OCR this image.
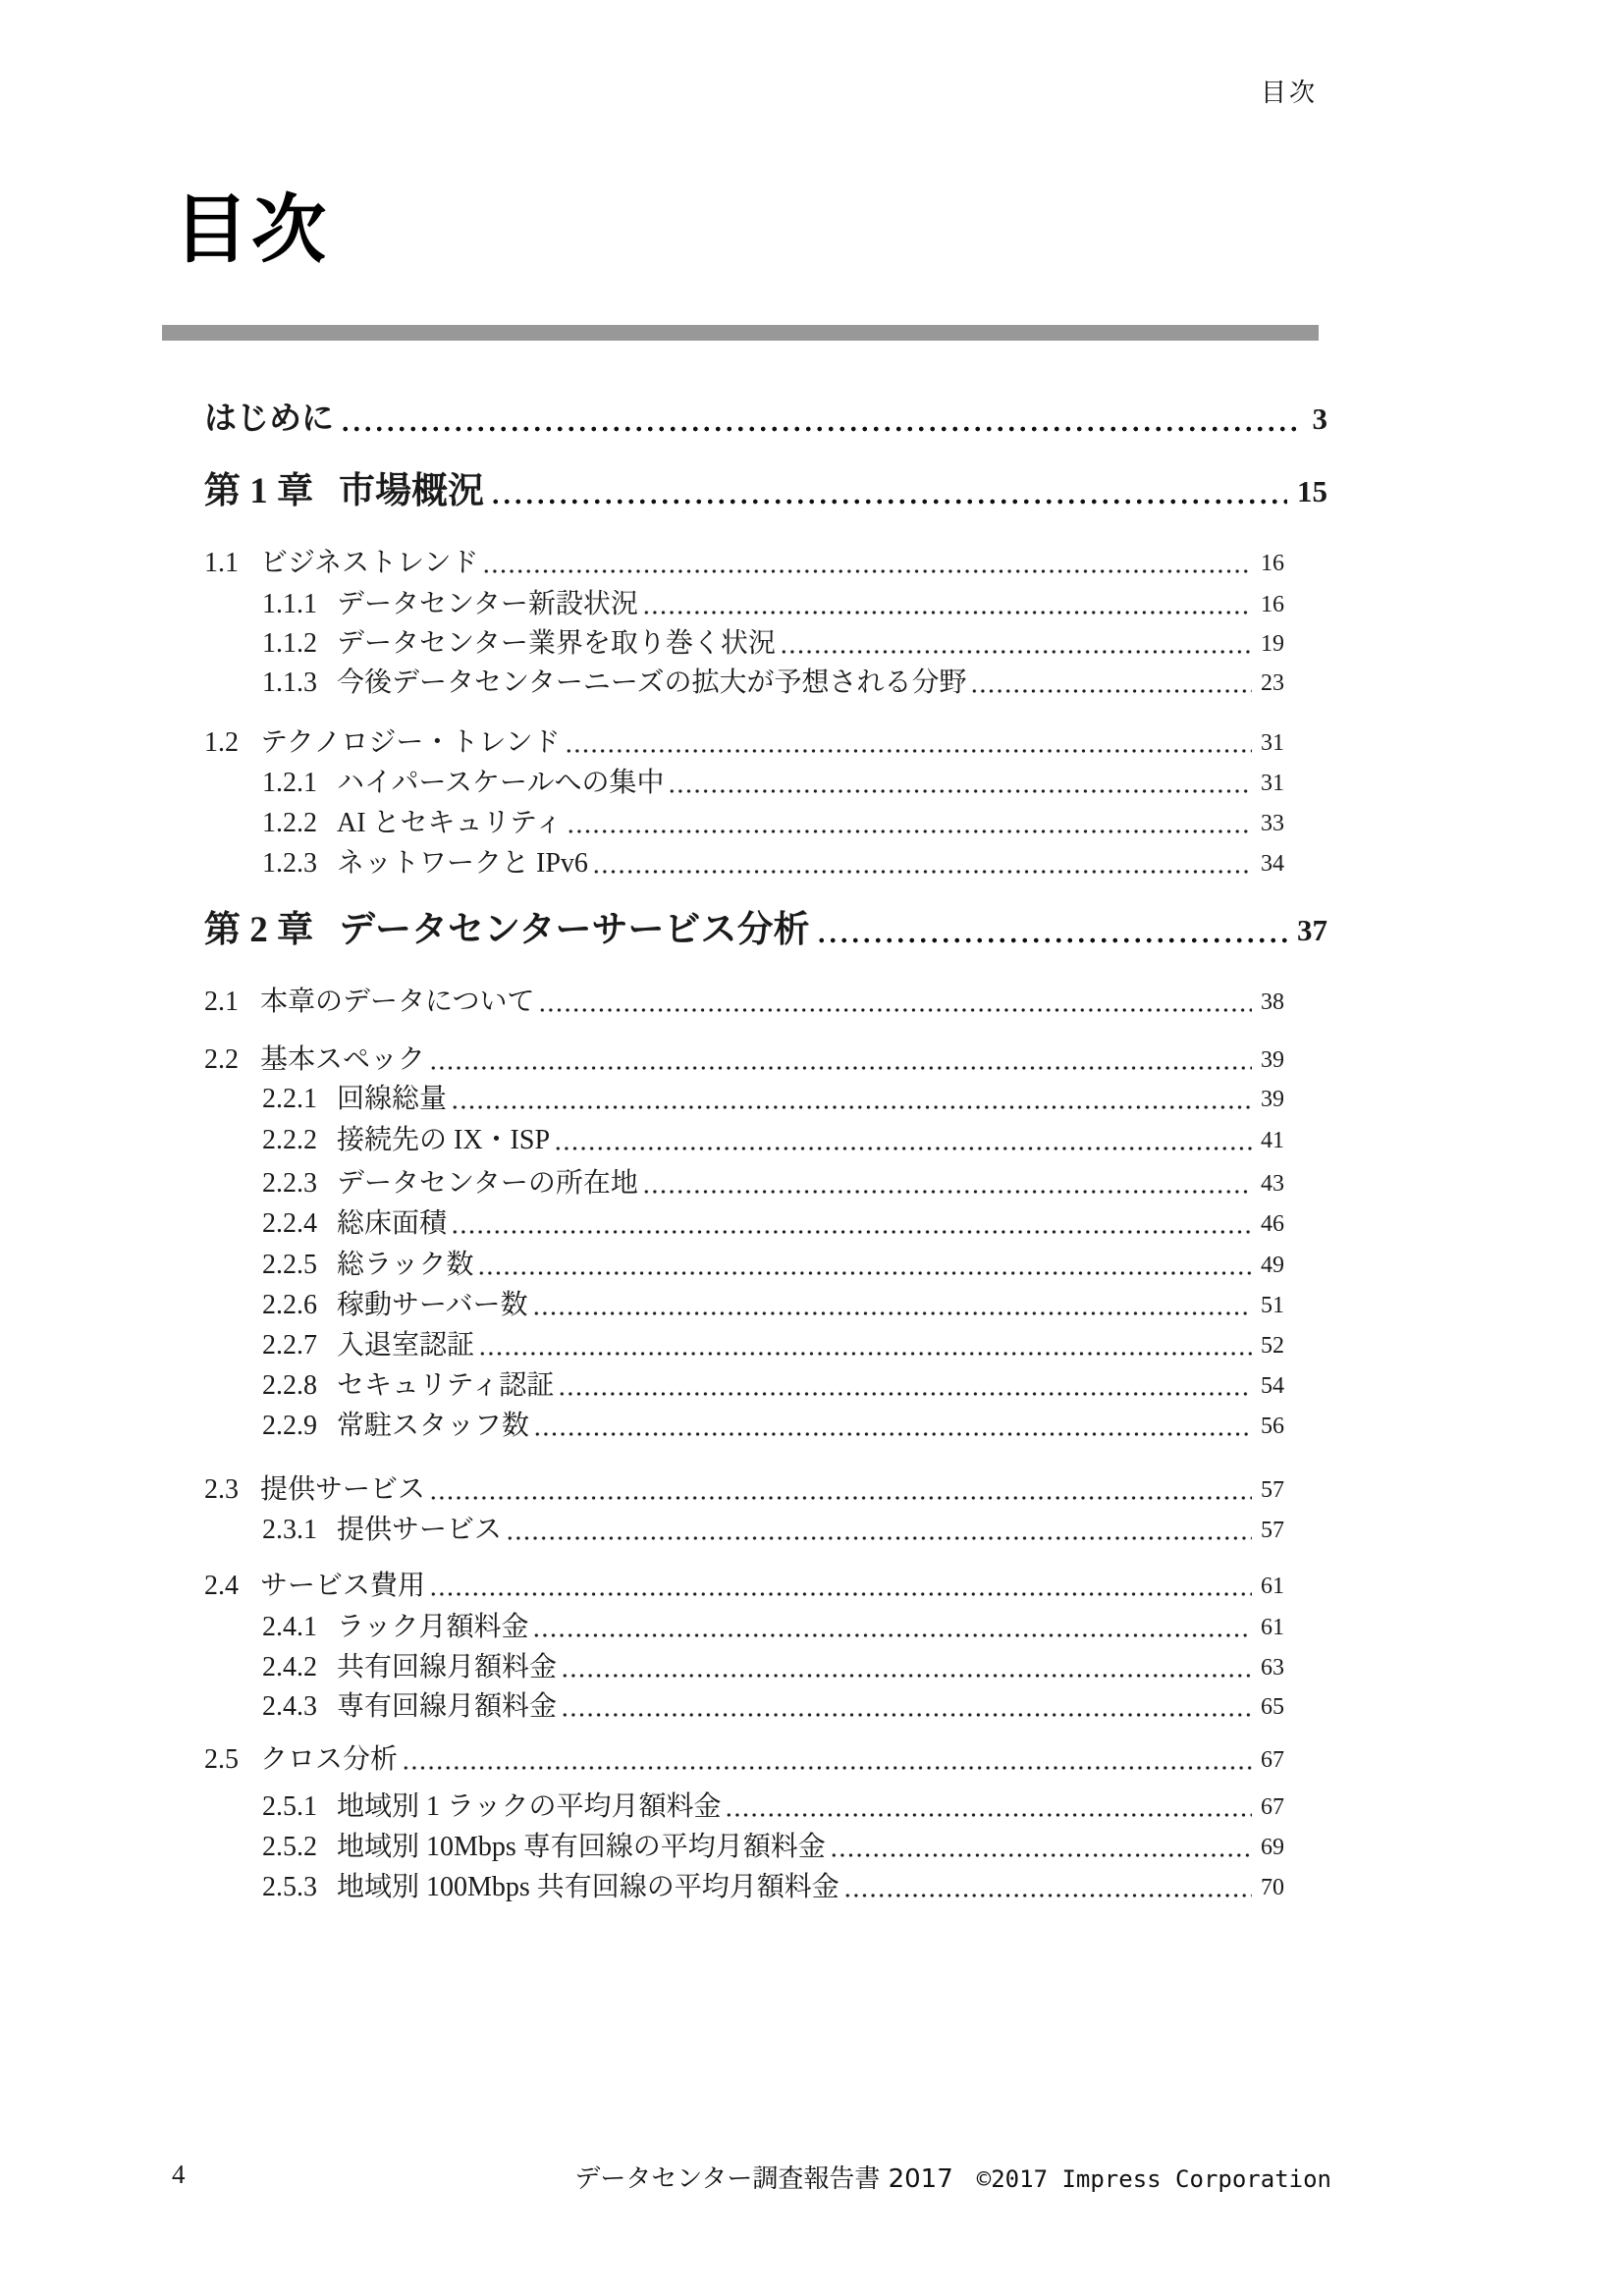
目次
目次
はじめに	3
第 1 章 市場概況	15
1.1 ビジネストレンド	16
1.1.1 データセンター新設状況	16
1.1.2 データセンター業界を取り巻く状況	19
1.1.3 今後データセンターニーズの拡大が予想される分野	23
1.2 テクノロジー・トレンド	31
1.2.1 ハイパースケールへの集中	31
1.2.2 AI とセキュリティ	33
1.2.3 ネットワークと IPv6	34
第 2 章 データセンターサービス分析	37
2.1 本章のデータについて	38
2.2 基本スペック	39
2.2.1 回線総量	39
2.2.2 接続先の IX・ISP	41
2.2.3 データセンターの所在地	43
2.2.4 総床面積	46
2.2.5 総ラック数	49
2.2.6 稼動サーバー数	51
2.2.7 入退室認証	52
2.2.8 セキュリティ認証	54
2.2.9 常駐スタッフ数	56
2.3 提供サービス	57
2.3.1 提供サービス	57
2.4 サービス費用	61
2.4.1 ラック月額料金	61
2.4.2 共有回線月額料金	63
2.4.3 専有回線月額料金	65
2.5 クロス分析	67
2.5.1 地域別 1 ラックの平均月額料金	67
2.5.2 地域別 10Mbps 専有回線の平均月額料金	69
2.5.3 地域別 100Mbps 共有回線の平均月額料金	70
4	データセンター調査報告書 2017 ©2017 Impress Corporation
